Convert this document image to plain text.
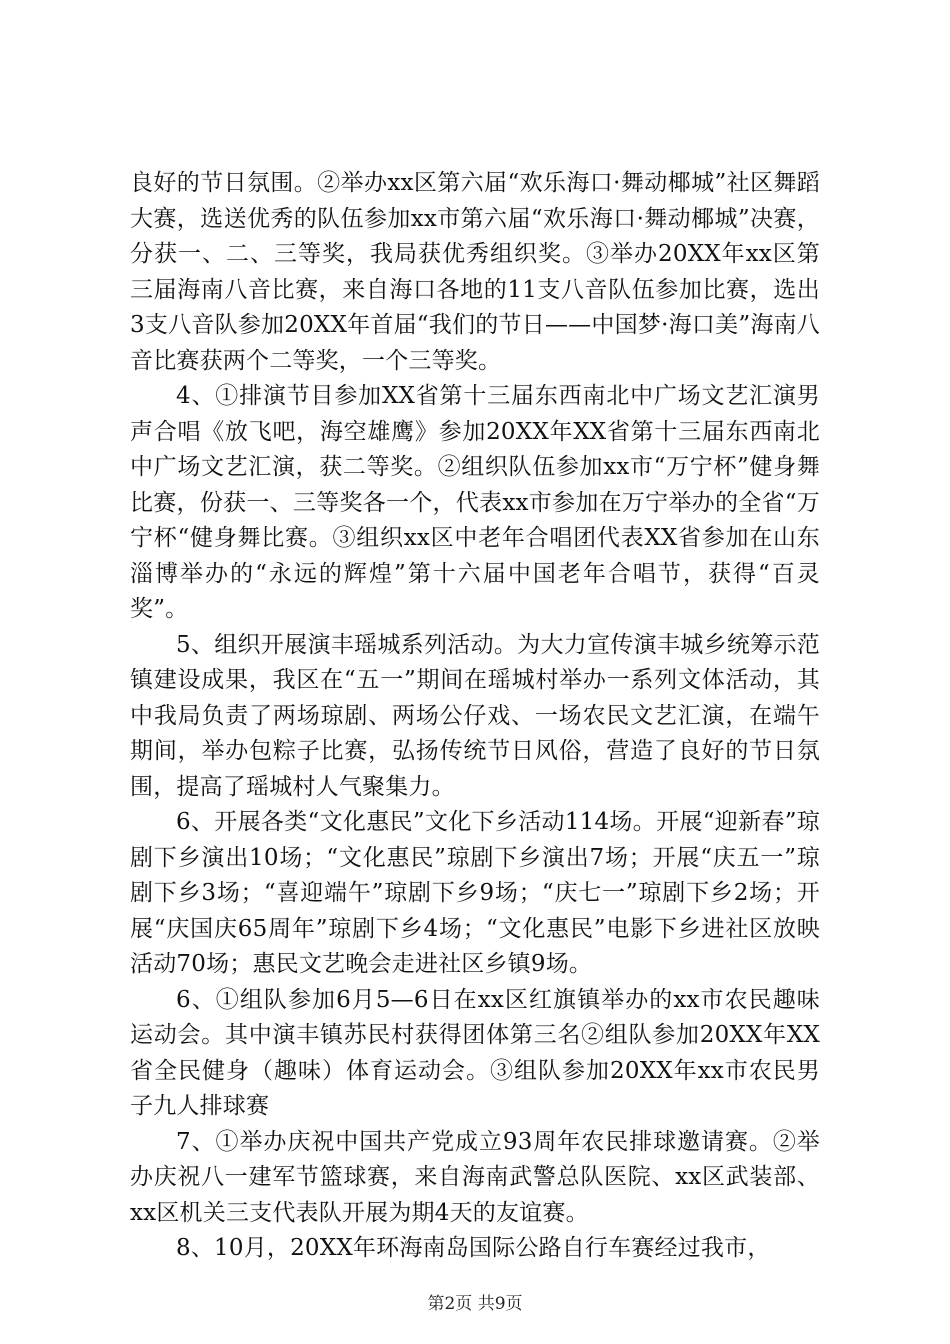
良好的节日氛围。②举办xx区第六届“欢乐海口·舞动椰城”社区舞蹈大赛，选送优秀的队伍参加xx市第六届“欢乐海口·舞动椰城”决赛，分获一、二、三等奖，我局获优秀组织奖。③举办20XX年xx区第三届海南八音比赛，来自海口各地的11支八音队伍参加比赛，选出3支八音队参加20XX年首届“我们的节日——中国梦·海口美”海南八音比赛获两个二等奖，一个三等奖。

4、①排演节目参加XX省第十三届东西南北中广场文艺汇演男声合唱《放飞吧，海空雄鹰》参加20XX年XX省第十三届东西南北中广场文艺汇演，获二等奖。②组织队伍参加xx市“万宁杯”健身舞比赛，份获一、三等奖各一个，代表xx市参加在万宁举办的全省“万宁杯“健身舞比赛。③组织xx区中老年合唱团代表XX省参加在山东淄博举办的“永远的辉煌”第十六届中国老年合唱节，获得“百灵奖”。

5、组织开展演丰瑶城系列活动。为大力宣传演丰城乡统筹示范镇建设成果，我区在“五一”期间在瑶城村举办一系列文体活动，其中我局负责了两场琼剧、两场公仔戏、一场农民文艺汇演，在端午期间，举办包粽子比赛，弘扬传统节日风俗，营造了良好的节日氛围，提高了瑶城村人气聚集力。

6、开展各类“文化惠民”文化下乡活动114场。开展“迎新春”琼剧下乡演出10场；“文化惠民”琼剧下乡演出7场；开展“庆五一”琼剧下乡3场；“喜迎端午”琼剧下乡9场；“庆七一”琼剧下乡2场；开展“庆国庆65周年”琼剧下乡4场；“文化惠民”电影下乡进社区放映活动70场；惠民文艺晚会走进社区乡镇9场。

6、①组队参加6月5—6日在xx区红旗镇举办的xx市农民趣味运动会。其中演丰镇苏民村获得团体第三名②组队参加20XX年XX省全民健身（趣味）体育运动会。③组队参加20XX年xx市农民男子九人排球赛

7、①举办庆祝中国共产党成立93周年农民排球邀请赛。②举办庆祝八一建军节篮球赛，来自海南武警总队医院、xx区武装部、xx区机关三支代表队开展为期4天的友谊赛。

8、10月，20XX年环海南岛国际公路自行车赛经过我市，

第2页 共9页
